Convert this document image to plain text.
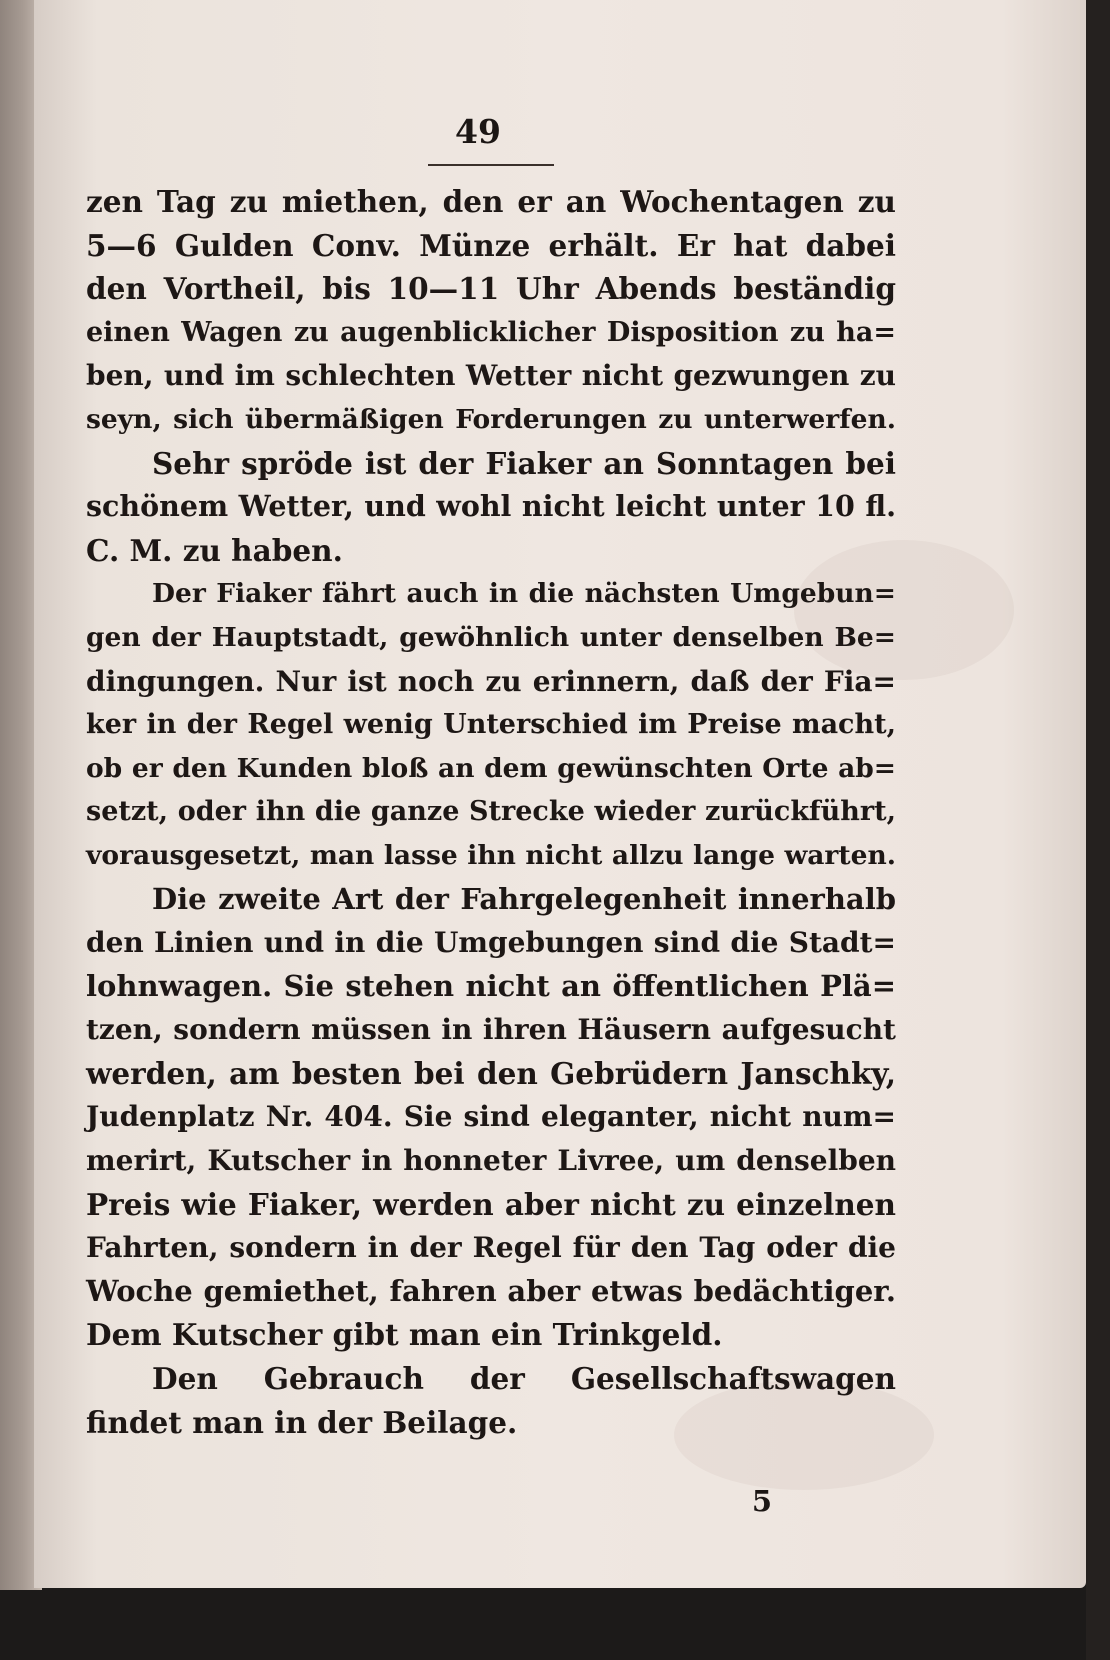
49
zen Tag zu miethen, den er an Wochentagen zu
5—6 Gulden Conv. Münze erhält. Er hat dabei
den Vortheil, bis 10—11 Uhr Abends beständig
einen Wagen zu augenblicklicher Disposition zu ha=
ben, und im schlechten Wetter nicht gezwungen zu
seyn, sich übermäßigen Forderungen zu unterwerfen.
Sehr spröde ist der Fiaker an Sonntagen bei
schönem Wetter, und wohl nicht leicht unter 10 fl.
C. M. zu haben.
Der Fiaker fährt auch in die nächsten Umgebun=
gen der Hauptstadt, gewöhnlich unter denselben Be=
dingungen. Nur ist noch zu erinnern, daß der Fia=
ker in der Regel wenig Unterschied im Preise macht,
ob er den Kunden bloß an dem gewünschten Orte ab=
setzt, oder ihn die ganze Strecke wieder zurückführt,
vorausgesetzt, man lasse ihn nicht allzu lange warten.
Die zweite Art der Fahrgelegenheit innerhalb
den Linien und in die Umgebungen sind die Stadt=
lohnwagen. Sie stehen nicht an öffentlichen Plä=
tzen, sondern müssen in ihren Häusern aufgesucht
werden, am besten bei den Gebrüdern Janschky,
Judenplatz Nr. 404. Sie sind eleganter, nicht num=
merirt, Kutscher in honneter Livree, um denselben
Preis wie Fiaker, werden aber nicht zu einzelnen
Fahrten, sondern in der Regel für den Tag oder die
Woche gemiethet, fahren aber etwas bedächtiger.
Dem Kutscher gibt man ein Trinkgeld.
Den Gebrauch der Gesellschaftswagen
findet man in der Beilage.
5
